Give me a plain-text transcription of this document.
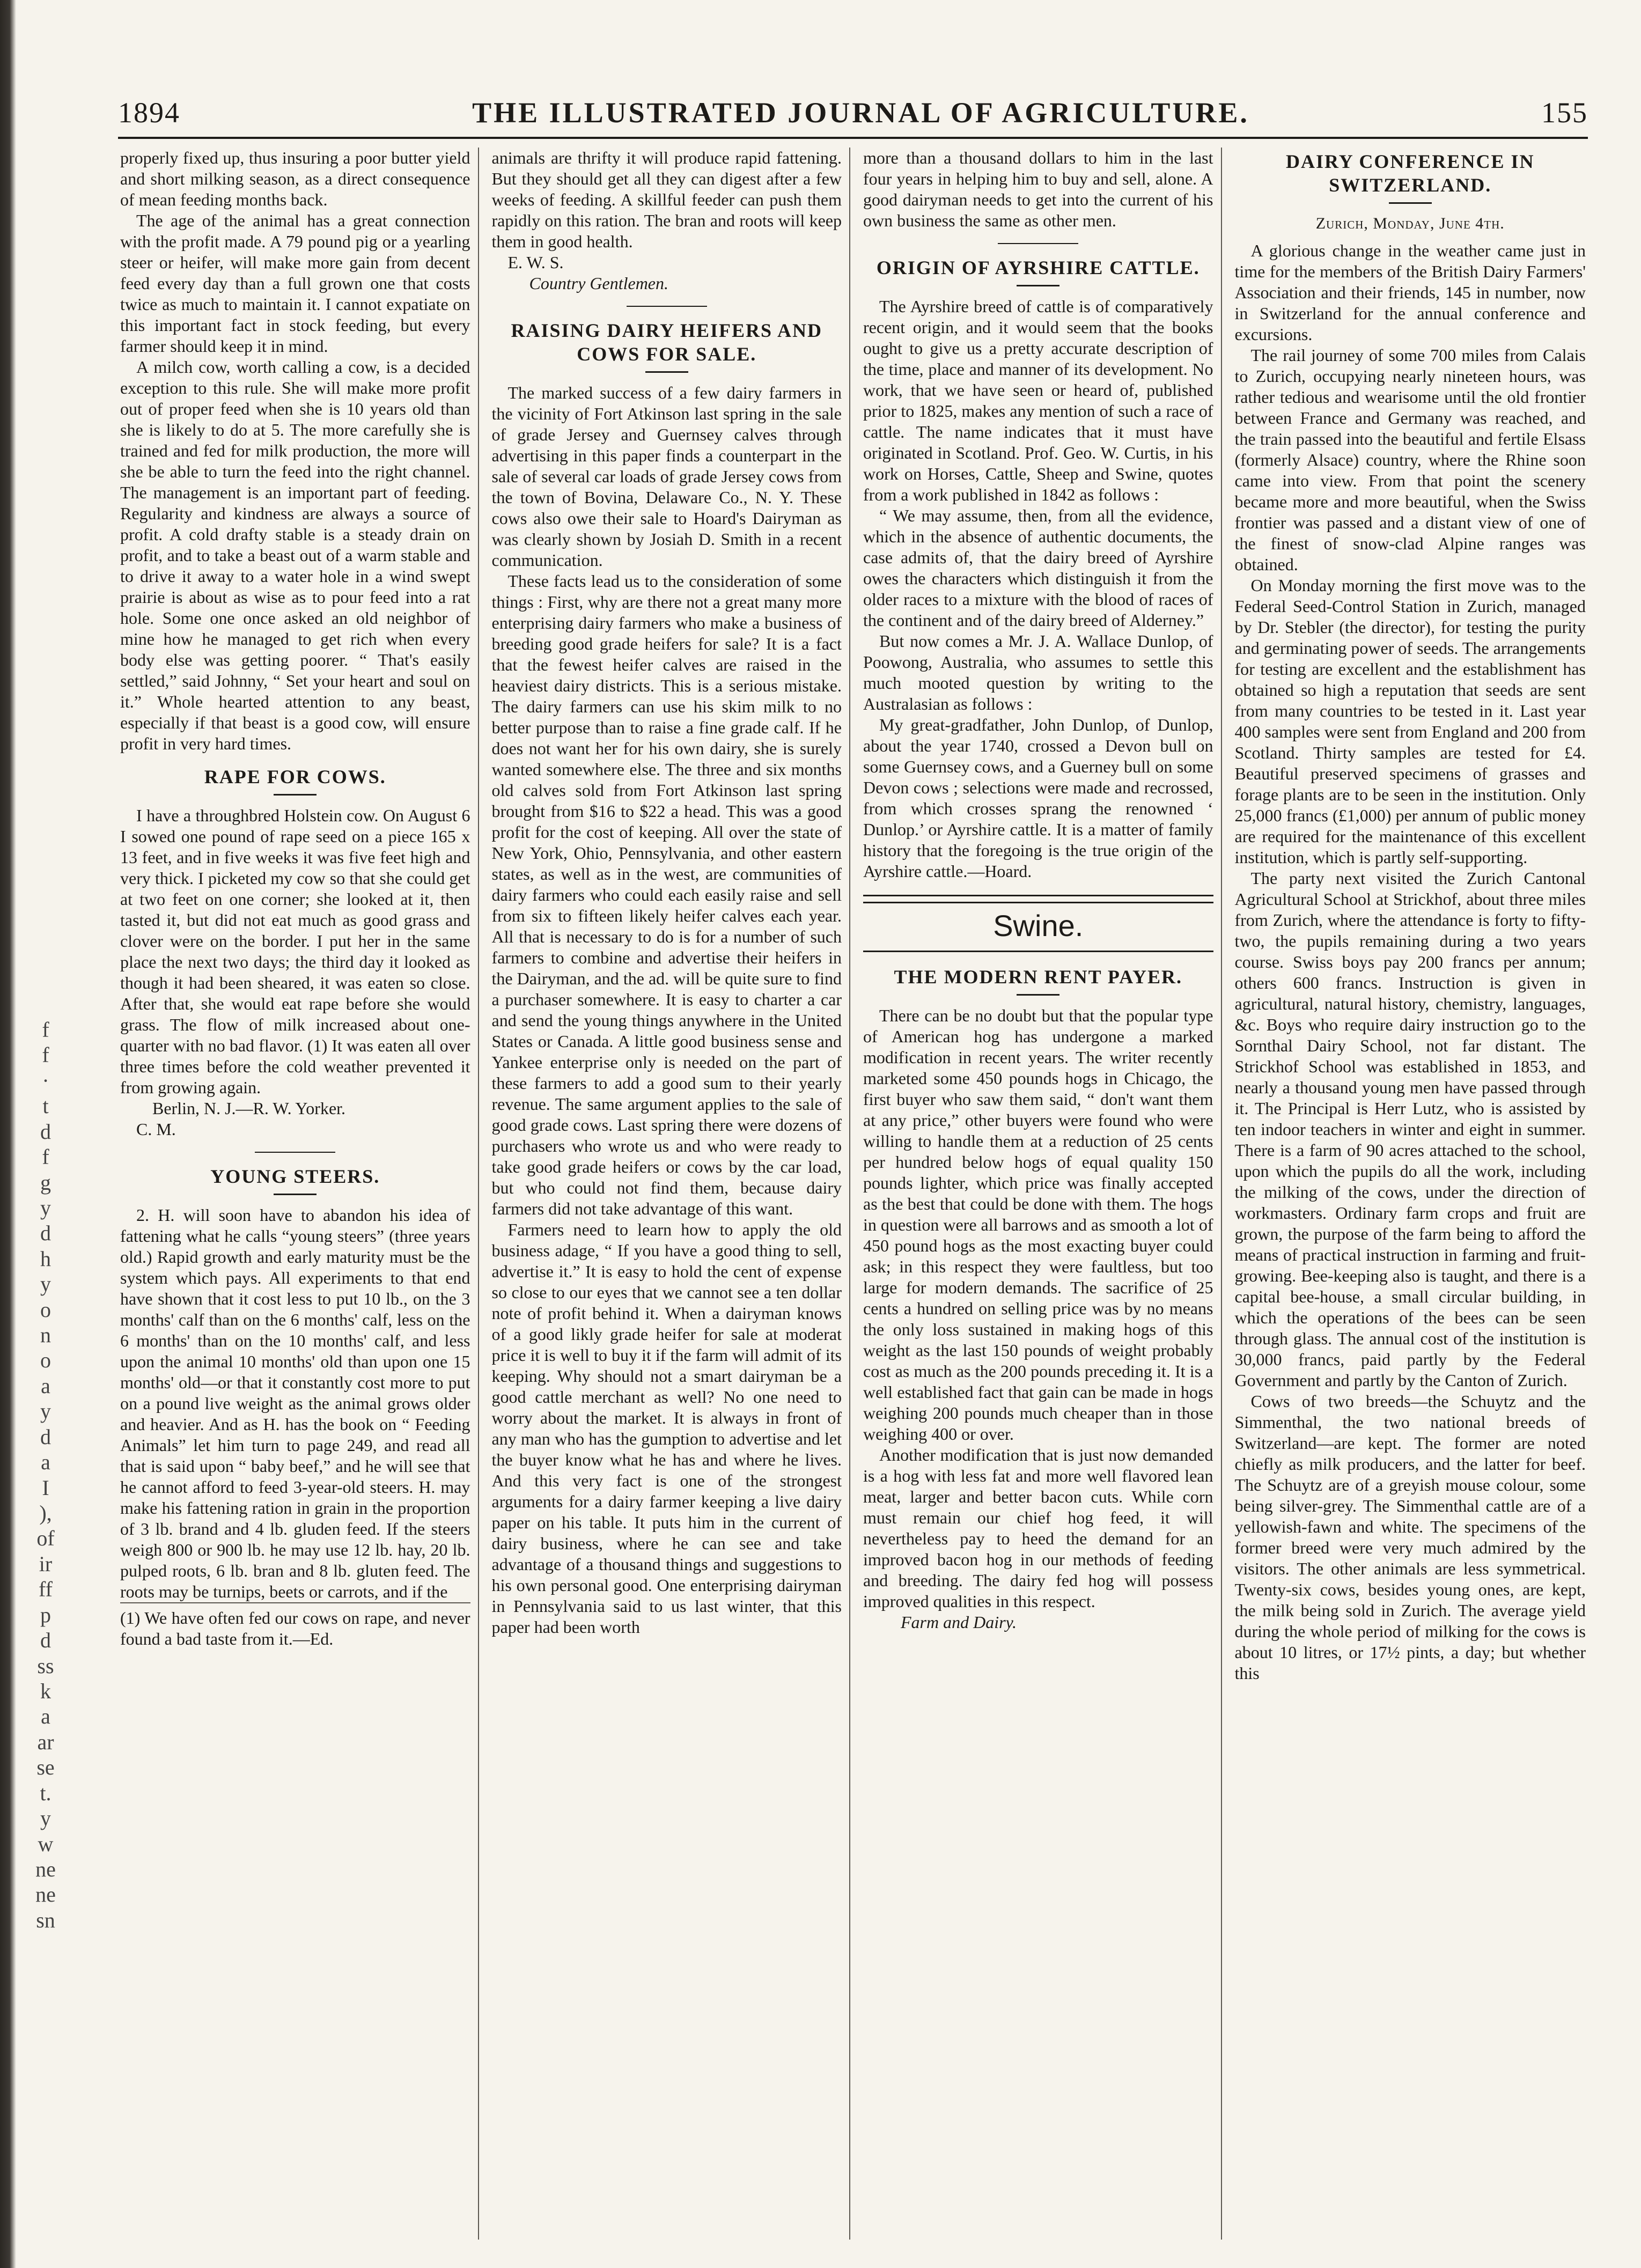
f
f
·
t
d
f
g
y
d
h
y
o
n
o
a
y
d
a
I
),
of
ir
ff
p
d
ss
k
a
ar
se
t.
y
w
ne
ne
sn
1894	THE ILLUSTRATED JOURNAL OF AGRICULTURE.	155

properly fixed up, thus insuring a poor butter yield and short milking season, as a direct consequence of mean feeding months back.

The age of the animal has a great connection with the profit made. A 79 pound pig or a yearling steer or heifer, will make more gain from decent feed every day than a full grown one that costs twice as much to maintain it. I cannot expatiate on this important fact in stock feeding, but every farmer should keep it in mind.

A milch cow, worth calling a cow, is a decided exception to this rule. She will make more profit out of proper feed when she is 10 years old than she is likely to do at 5. The more carefully she is trained and fed for milk production, the more will she be able to turn the feed into the right channel. The management is an important part of feeding. Regularity and kindness are always a source of profit. A cold drafty stable is a steady drain on profit, and to take a beast out of a warm stable and to drive it away to a water hole in a wind swept prairie is about as wise as to pour feed into a rat hole. Some one once asked an old neighbor of mine how he managed to get rich when every body else was getting poorer. “ That's easily settled,” said Johnny, “ Set your heart and soul on it.” Whole hearted attention to any beast, especially if that beast is a good cow, will ensure profit in very hard times.

RAPE FOR COWS.

I have a throughbred Holstein cow. On August 6 I sowed one pound of rape seed on a piece 165 x 13 feet, and in five weeks it was five feet high and very thick. I picketed my cow so that she could get at two feet on one corner; she looked at it, then tasted it, but did not eat much as good grass and clover were on the border. I put her in the same place the next two days; the third day it looked as though it had been sheared, it was eaten so close. After that, she would eat rape before she would grass. The flow of milk increased about one-quarter with no bad flavor. (1) It was eaten all over three times before the cold weather prevented it from growing again.

Berlin, N. J.—R. W. Yorker.

C. M.

YOUNG STEERS.

2. H. will soon have to abandon his idea of fattening what he calls “young steers” (three years old.) Rapid growth and early maturity must be the system which pays. All experiments to that end have shown that it cost less to put 10 lb., on the 3 months' calf than on the 6 months' calf, less on the 6 months' than on the 10 months' calf, and less upon the animal 10 months' old than upon one 15 months' old—or that it constantly cost more to put on a pound live weight as the animal grows older and heavier. And as H. has the book on “ Feeding Animals” let him turn to page 249, and read all that is said upon “ baby beef,” and he will see that he cannot afford to feed 3-year-old steers. H. may make his fattening ration in grain in the proportion of 3 lb. brand and 4 lb. gluden feed. If the steers weigh 800 or 900 lb. he may use 12 lb. hay, 20 lb. pulped roots, 6 lb. bran and 8 lb. gluten feed. The roots may be turnips, beets or carrots, and if the

(1) We have often fed our cows on rape, and never found a bad taste from it.—Ed.

animals are thrifty it will produce rapid fattening. But they should get all they can digest after a few weeks of feeding. A skillful feeder can push them rapidly on this ration. The bran and roots will keep them in good health.

E. W. S.

Country Gentlemen.

RAISING DAIRY HEIFERS AND COWS FOR SALE.

The marked success of a few dairy farmers in the vicinity of Fort Atkinson last spring in the sale of grade Jersey and Guernsey calves through advertising in this paper finds a counterpart in the sale of several car loads of grade Jersey cows from the town of Bovina, Delaware Co., N. Y. These cows also owe their sale to Hoard's Dairyman as was clearly shown by Josiah D. Smith in a recent communication.

These facts lead us to the consideration of some things : First, why are there not a great many more enterprising dairy farmers who make a business of breeding good grade heifers for sale? It is a fact that the fewest heifer calves are raised in the heaviest dairy districts. This is a serious mistake. The dairy farmers can use his skim milk to no better purpose than to raise a fine grade calf. If he does not want her for his own dairy, she is surely wanted somewhere else. The three and six months old calves sold from Fort Atkinson last spring brought from $16 to $22 a head. This was a good profit for the cost of keeping. All over the state of New York, Ohio, Pennsylvania, and other eastern states, as well as in the west, are communities of dairy farmers who could each easily raise and sell from six to fifteen likely heifer calves each year. All that is necessary to do is for a number of such farmers to combine and advertise their heifers in the Dairyman, and the ad. will be quite sure to find a purchaser somewhere. It is easy to charter a car and send the young things anywhere in the United States or Canada. A little good business sense and Yankee enterprise only is needed on the part of these farmers to add a good sum to their yearly revenue. The same argument applies to the sale of good grade cows. Last spring there were dozens of purchasers who wrote us and who were ready to take good grade heifers or cows by the car load, but who could not find them, because dairy farmers did not take advantage of this want.

Farmers need to learn how to apply the old business adage, “ If you have a good thing to sell, advertise it.” It is easy to hold the cent of expense so close to our eyes that we cannot see a ten dollar note of profit behind it. When a dairyman knows of a good likly grade heifer for sale at moderat price it is well to buy it if the farm will admit of its keeping. Why should not a smart dairyman be a good cattle merchant as well? No one need to worry about the market. It is always in front of any man who has the gumption to advertise and let the buyer know what he has and where he lives. And this very fact is one of the strongest arguments for a dairy farmer keeping a live dairy paper on his table. It puts him in the current of dairy business, where he can see and take advantage of a thousand things and suggestions to his own personal good. One enterprising dairyman in Pennsylvania said to us last winter, that this paper had been worth

more than a thousand dollars to him in the last four years in helping him to buy and sell, alone. A good dairyman needs to get into the current of his own business the same as other men.

ORIGIN OF AYRSHIRE CATTLE.

The Ayrshire breed of cattle is of comparatively recent origin, and it would seem that the books ought to give us a pretty accurate description of the time, place and manner of its development. No work, that we have seen or heard of, published prior to 1825, makes any mention of such a race of cattle. The name indicates that it must have originated in Scotland. Prof. Geo. W. Curtis, in his work on Horses, Cattle, Sheep and Swine, quotes from a work published in 1842 as follows :

“ We may assume, then, from all the evidence, which in the absence of authentic documents, the case admits of, that the dairy breed of Ayrshire owes the characters which distinguish it from the older races to a mixture with the blood of races of the continent and of the dairy breed of Alderney.”

But now comes a Mr. J. A. Wallace Dunlop, of Poowong, Australia, who assumes to settle this much mooted question by writing to the Australasian as follows :

My great-gradfather, John Dunlop, of Dunlop, about the year 1740, crossed a Devon bull on some Guernsey cows, and a Guerney bull on some Devon cows ; selections were made and recrossed, from which crosses sprang the renowned ‘ Dunlop.’ or Ayrshire cattle. It is a matter of family history that the foregoing is the true origin of the Ayrshire cattle.—Hoard.

Swine.
THE MODERN RENT PAYER.

There can be no doubt but that the popular type of American hog has undergone a marked modification in recent years. The writer recently marketed some 450 pounds hogs in Chicago, the first buyer who saw them said, “ don't want them at any price,” other buyers were found who were willing to handle them at a reduction of 25 cents per hundred below hogs of equal quality 150 pounds lighter, which price was finally accepted as the best that could be done with them. The hogs in question were all barrows and as smooth a lot of 450 pound hogs as the most exacting buyer could ask; in this respect they were faultless, but too large for modern demands. The sacrifice of 25 cents a hundred on selling price was by no means the only loss sustained in making hogs of this weight as the last 150 pounds of weight probably cost as much as the 200 pounds preceding it. It is a well established fact that gain can be made in hogs weighing 200 pounds much cheaper than in those weighing 400 or over.

Another modification that is just now demanded is a hog with less fat and more well flavored lean meat, larger and better bacon cuts. While corn must remain our chief hog feed, it will nevertheless pay to heed the demand for an improved bacon hog in our methods of feeding and breeding. The dairy fed hog will possess improved qualities in this respect.

Farm and Dairy.

DAIRY CONFERENCE IN SWITZERLAND.
Zurich, Monday, June 4th.

A glorious change in the weather came just in time for the members of the British Dairy Farmers' Association and their friends, 145 in number, now in Switzerland for the annual conference and excursions.

The rail journey of some 700 miles from Calais to Zurich, occupying nearly nineteen hours, was rather tedious and wearisome until the old frontier between France and Germany was reached, and the train passed into the beautiful and fertile Elsass (formerly Alsace) country, where the Rhine soon came into view. From that point the scenery became more and more beautiful, when the Swiss frontier was passed and a distant view of one of the finest of snow-clad Alpine ranges was obtained.

On Monday morning the first move was to the Federal Seed-Control Station in Zurich, managed by Dr. Stebler (the director), for testing the purity and germinating power of seeds. The arrangements for testing are excellent and the establishment has obtained so high a reputation that seeds are sent from many countries to be tested in it. Last year 400 samples were sent from England and 200 from Scotland. Thirty samples are tested for £4. Beautiful preserved specimens of grasses and forage plants are to be seen in the institution. Only 25,000 francs (£1,000) per annum of public money are required for the maintenance of this excellent institution, which is partly self-supporting.

The party next visited the Zurich Cantonal Agricultural School at Strickhof, about three miles from Zurich, where the attendance is forty to fifty-two, the pupils remaining during a two years course. Swiss boys pay 200 francs per annum; others 600 francs. Instruction is given in agricultural, natural history, chemistry, languages, &c. Boys who require dairy instruction go to the Sornthal Dairy School, not far distant. The Strickhof School was established in 1853, and nearly a thousand young men have passed through it. The Principal is Herr Lutz, who is assisted by ten indoor teachers in winter and eight in summer. There is a farm of 90 acres attached to the school, upon which the pupils do all the work, including the milking of the cows, under the direction of workmasters. Ordinary farm crops and fruit are grown, the purpose of the farm being to afford the means of practical instruction in farming and fruit-growing. Bee-keeping also is taught, and there is a capital bee-house, a small circular building, in which the operations of the bees can be seen through glass. The annual cost of the institution is 30,000 francs, paid partly by the Federal Government and partly by the Canton of Zurich.

Cows of two breeds—the Schuytz and the Simmenthal, the two national breeds of Switzerland—are kept. The former are noted chiefly as milk producers, and the latter for beef. The Schuytz are of a greyish mouse colour, some being silver-grey. The Simmenthal cattle are of a yellowish-fawn and white. The specimens of the former breed were very much admired by the visitors. The other animals are less symmetrical. Twenty-six cows, besides young ones, are kept, the milk being sold in Zurich. The average yield during the whole period of milking for the cows is about 10 litres, or 17½ pints, a day; but whether this
